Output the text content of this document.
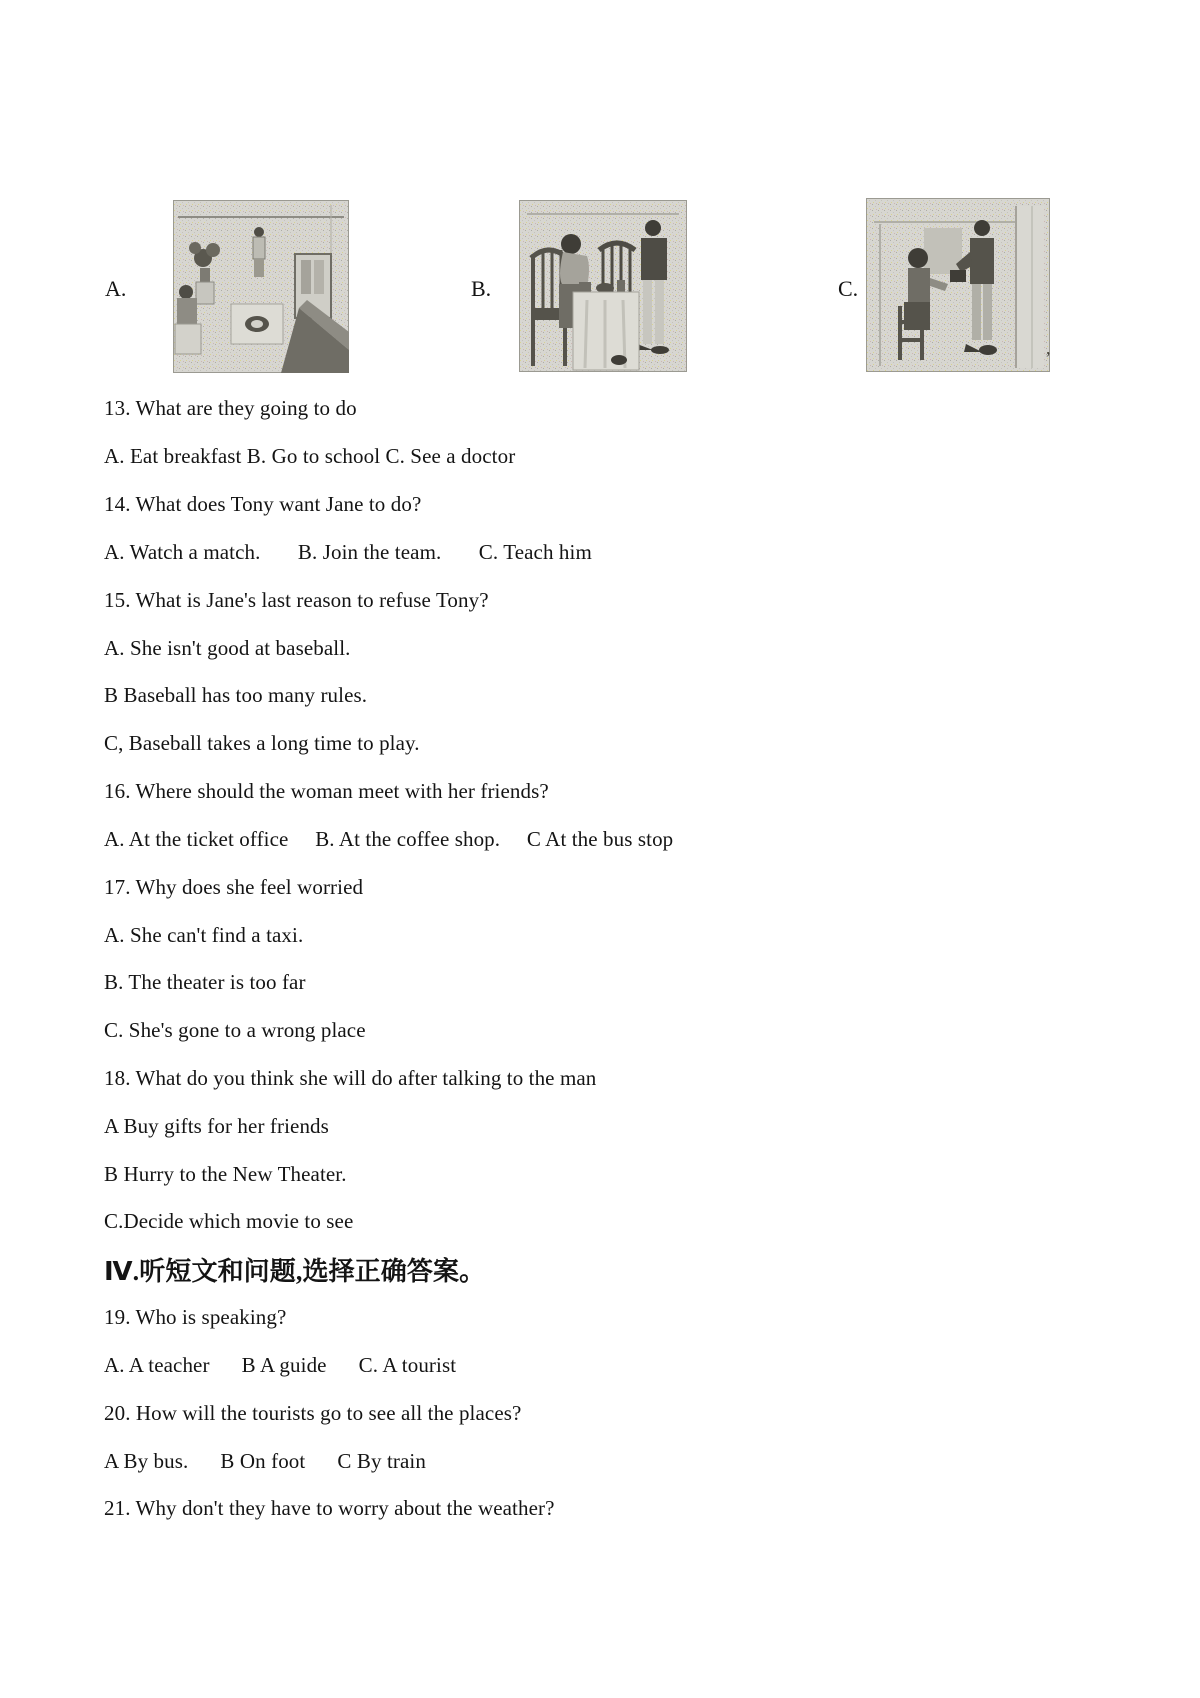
A.	B.	C.
,
13. What are they going to do
A. Eat breakfast B. Go to school C. See a doctor
14. What does Tony want Jane to do?
A. Watch a match.       B. Join the team.       C. Teach him
15. What is Jane's last reason to refuse Tony?
A. She isn't good at baseball.
B Baseball has too many rules.
C, Baseball takes a long time to play.
16. Where should the woman meet with her friends?
A. At the ticket office     B. At the coffee shop.     C At the bus stop
17. Why does she feel worried
A. She can't find a taxi.
B. The theater is too far
C. She's gone to a wrong place
18. What do you think she will do after talking to the man
A Buy gifts for her friends
B Hurry to the New Theater.
C.Decide which movie to see
Ⅳ.听短文和问题,选择正确答案。
19. Who is speaking?
A. A teacher      B A guide      C. A tourist
20. How will the tourists go to see all the places?
A By bus.      B On foot      C By train
21. Why don't they have to worry about the weather?
